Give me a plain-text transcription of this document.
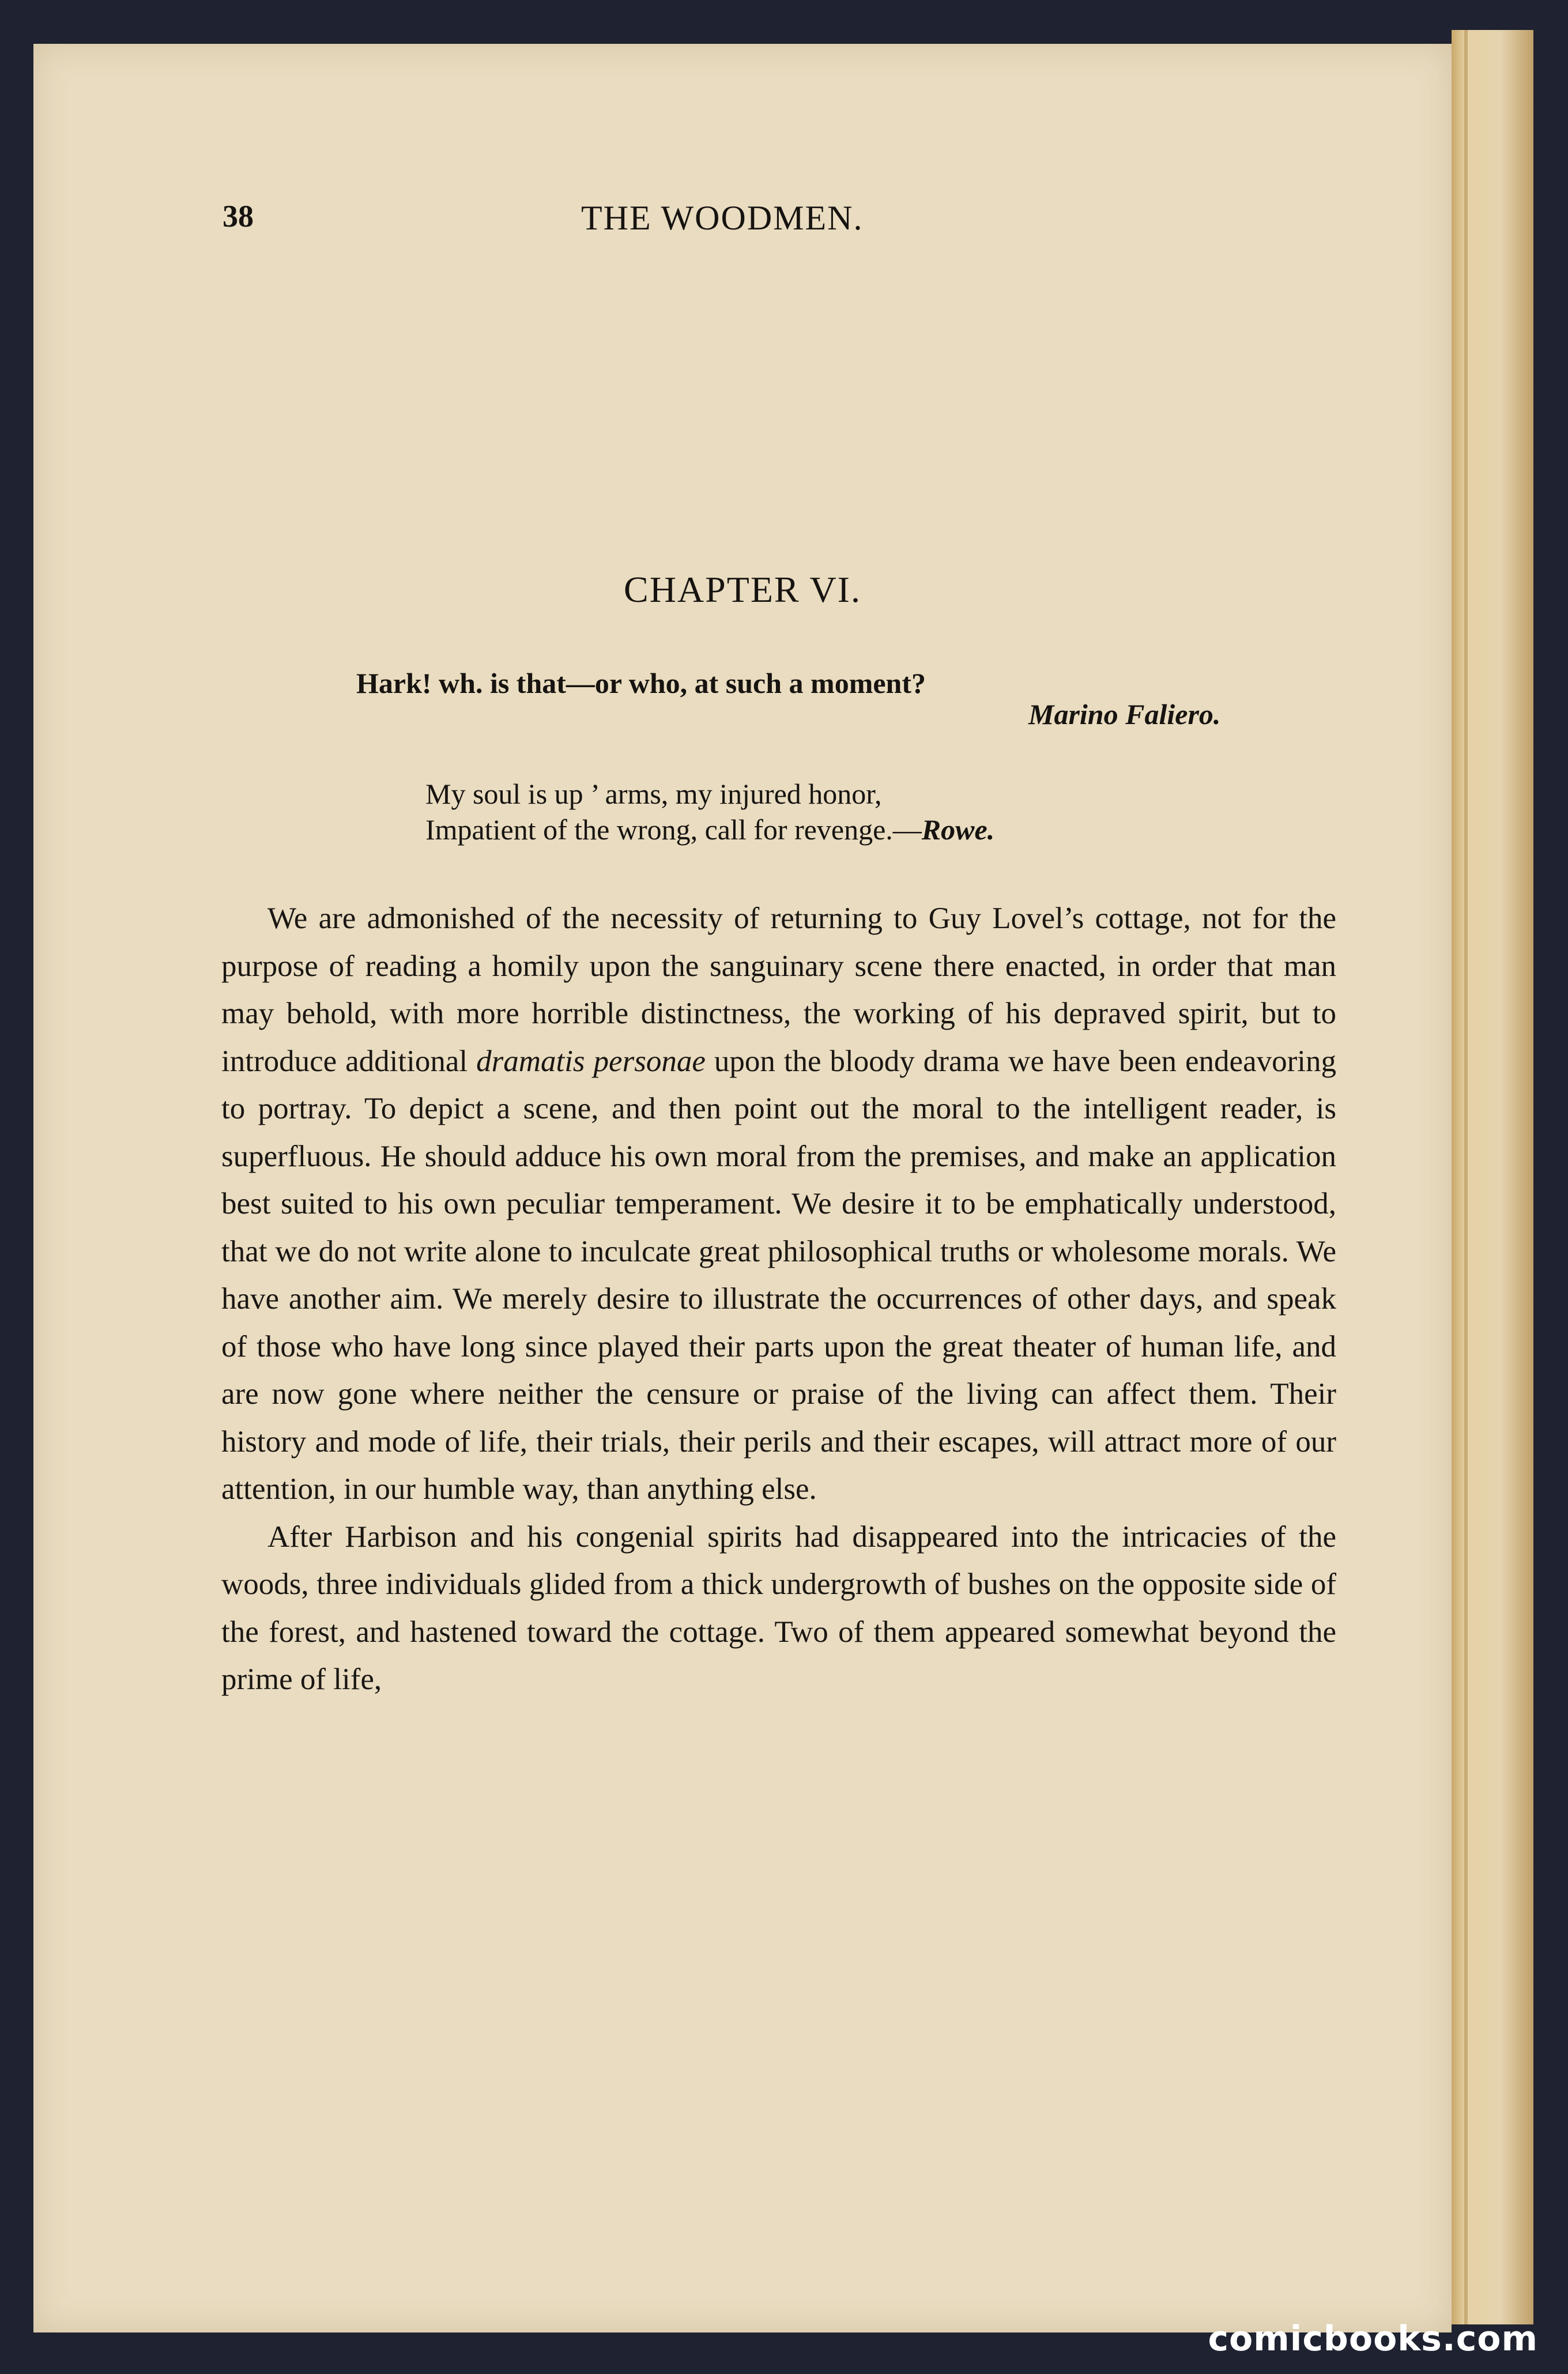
38	THE WOODMEN.
CHAPTER VI.
Hark! wh. is that—or who, at such a moment?
Marino Faliero.
My soul is up ’ arms, my injured honor,
Impatient of the wrong, call for revenge.—Rowe.

We are admonished of the necessity of returning to Guy Lovel’s cottage, not for the purpose of reading a homily upon the sanguinary scene there enacted, in order that man may behold, with more horrible distinctness, the working of his depraved spirit, but to introduce additional dramatis personae upon the bloody drama we have been endeavoring to portray. To depict a scene, and then point out the moral to the intelligent reader, is superfluous. He should adduce his own moral from the premises, and make an application best suited to his own peculiar temperament. We desire it to be emphatically understood, that we do not write alone to inculcate great philosophical truths or wholesome morals. We have another aim. We merely desire to illustrate the occurrences of other days, and speak of those who have long since played their parts upon the great theater of human life, and are now gone where neither the censure or praise of the living can affect them. Their history and mode of life, their trials, their perils and their escapes, will attract more of our attention, in our humble way, than anything else.

After Harbison and his congenial spirits had disappeared into the intricacies of the woods, three individuals glided from a thick undergrowth of bushes on the opposite side of the forest, and hastened toward the cottage. Two of them appeared somewhat beyond the prime of life,

comicbooks.com
